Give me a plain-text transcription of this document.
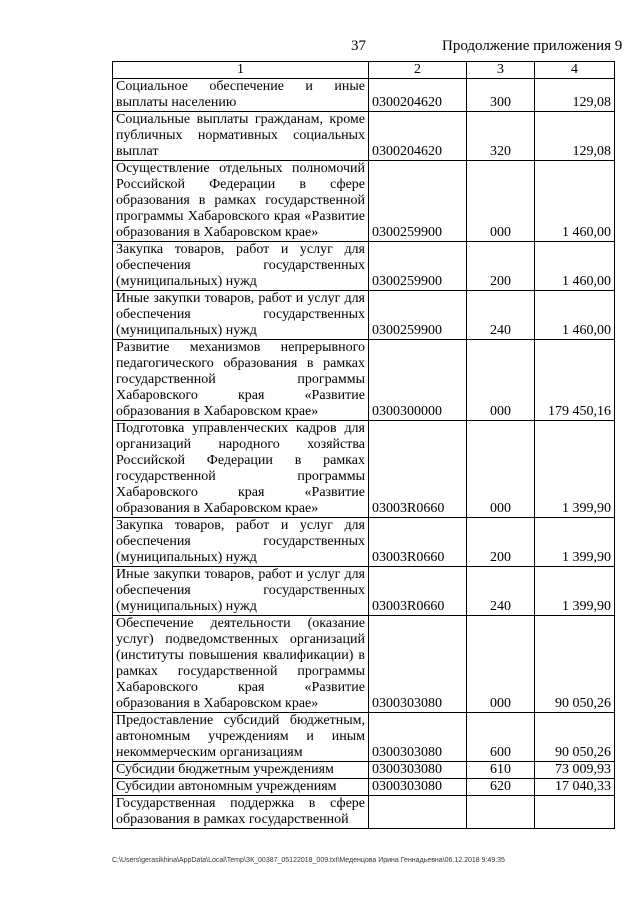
37	Продолжение приложения 9
1	2	3	4
Социальное обеспечение и иные выплаты населению	0300204620	300	129,08
Социальные выплаты гражданам, кроме публичных нормативных социальных выплат	0300204620	320	129,08
Осуществление отдельных полномочий Российской Федерации в сфере образования в рамках государственной программы Хабаровского края «Развитие образования в Хабаровском крае»	0300259900	000	1 460,00
Закупка товаров, работ и услуг для обеспечения государственных (муниципальных) нужд	0300259900	200	1 460,00
Иные закупки товаров, работ и услуг для обеспечения государственных (муниципальных) нужд	0300259900	240	1 460,00
Развитие механизмов непрерывного педагогического образования в рамках государственной программы Хабаровского края «Развитие образования в Хабаровском крае»	0300300000	000	179 450,16
Подготовка управленческих кадров для организаций народного хозяйства Российской Федерации в рамках государственной программы Хабаровского края «Развитие образования в Хабаровском крае»	03003R0660	000	1 399,90
Закупка товаров, работ и услуг для обеспечения государственных (муниципальных) нужд	03003R0660	200	1 399,90
Иные закупки товаров, работ и услуг для обеспечения государственных (муниципальных) нужд	03003R0660	240	1 399,90
Обеспечение деятельности (оказание услуг) подведомственных организаций (институты повышения квалификации) в рамках государственной программы Хабаровского края «Развитие образования в Хабаровском крае»	0300303080	000	90 050,26
Предоставление субсидий бюджетным, автономным учреждениям и иным некоммерческим организациям	0300303080	600	90 050,26
Субсидии бюджетным учреждениям	0300303080	610	73 009,93
Субсидии автономным учреждениям	0300303080	620	17 040,33
Государственная поддержка в сфере образования в рамках государственной			
C:\Users\gerasikhina\AppData\Local\Temp\ЗК_00387_05122018_009.txt\Меденцова Ирина Геннадьевна\06.12.2018 9:49:35
